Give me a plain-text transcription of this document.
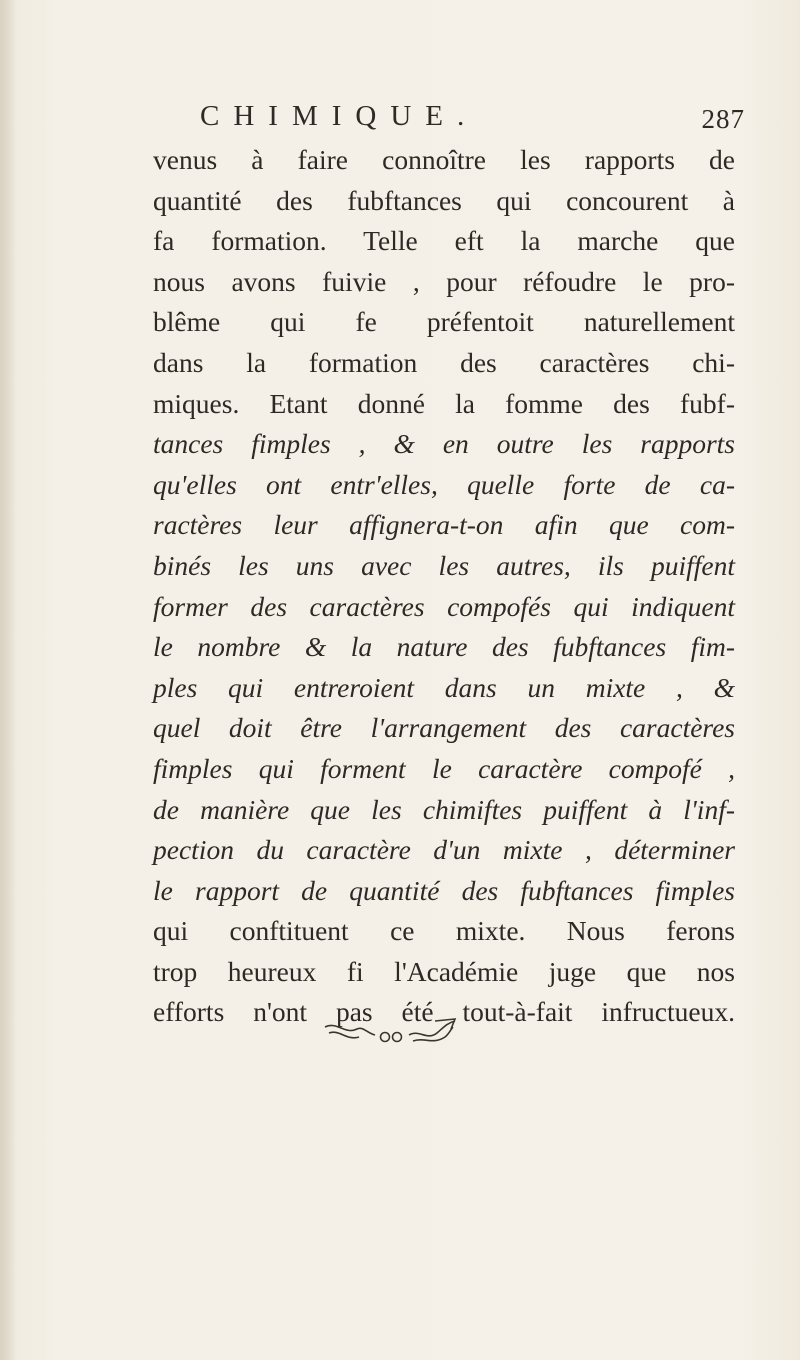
CHIMIQUE.	287
venus à faire connoître les rapports de
quantité des fubftances qui concourent à
fa formation. Telle eft la marche que
nous avons fuivie , pour réfoudre le pro-
blême qui fe préfentoit naturellement
dans la formation des caractères chi-
miques. Etant donné la fomme des fubf-
tances fimples , & en outre les rapports
qu'elles ont entr'elles, quelle forte de ca-
ractères leur affignera-t-on afin que com-
binés les uns avec les autres, ils puiffent
former des caractères compofés qui indiquent
le nombre & la nature des fubftances fim-
ples qui entreroient dans un mixte , &
quel doit être l'arrangement des caractères
fimples qui forment le caractère compofé ,
de manière que les chimiftes puiffent à l'inf-
pection du caractère d'un mixte , déterminer
le rapport de quantité des fubftances fimples
qui conftituent ce mixte. Nous ferons
trop heureux fi l'Académie juge que nos
efforts n'ont pas été tout-à-fait infructueux.
